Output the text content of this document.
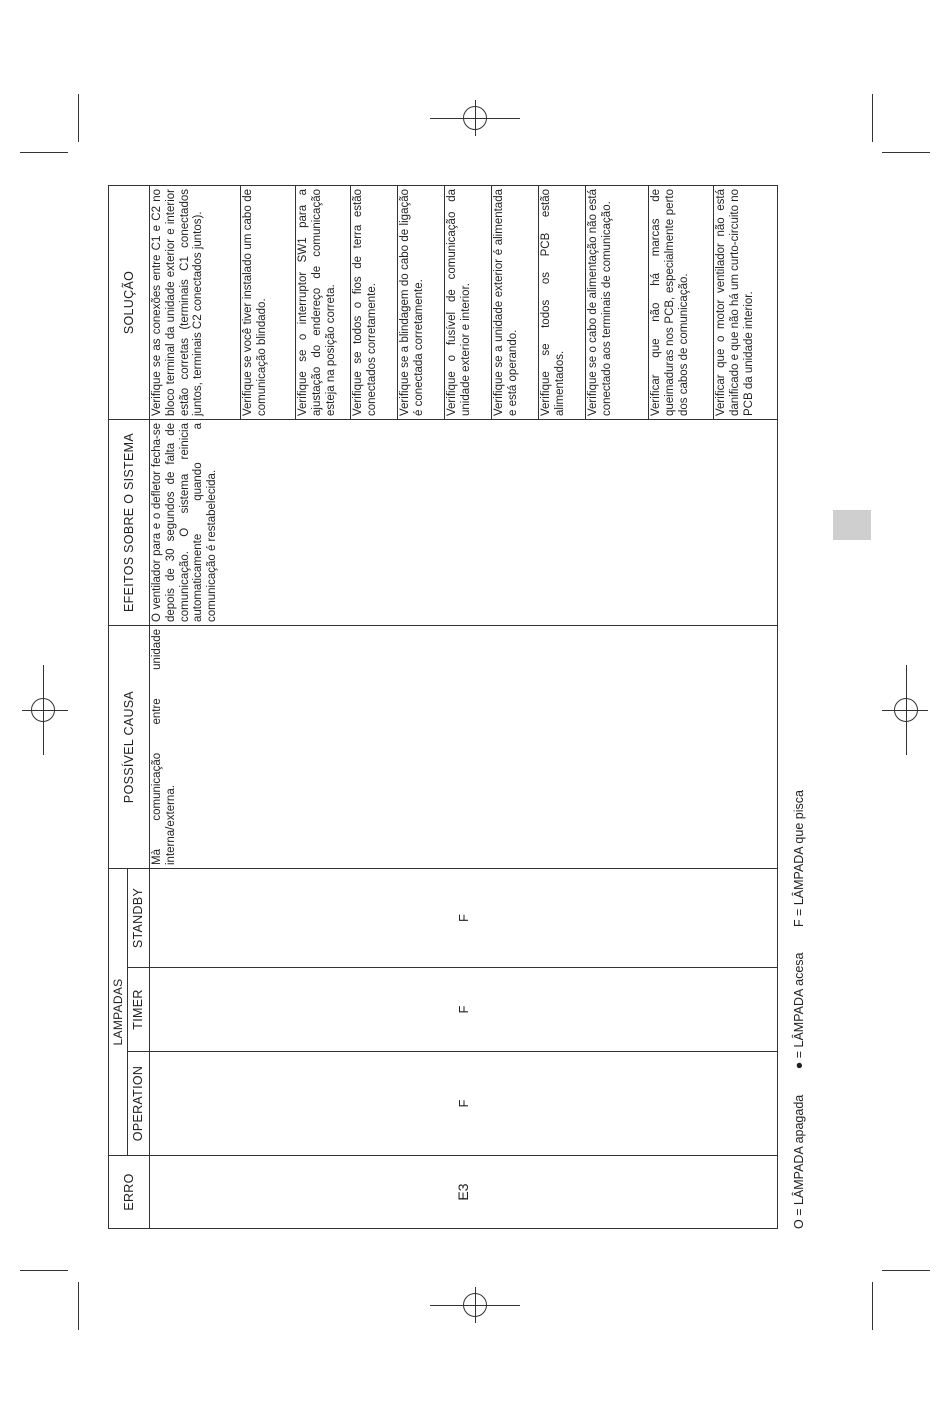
ERRO	LAMPADAS			POSSÍVEL CAUSA	EFEITOS SOBRE O SISTEMA	SOLUÇÃO
	OPERATION	TIMER	STANDBY			
E3	F	F	F	Mà comunicação entre unidade interna/externa.	O ventilador para e o defletor fecha-se depois de 30 segundos de falta de comunicação. O sistema reinicia automaticamente quando a comunicação é restabelecida.	Verifique se as conexões entre C1 e C2 no bloco terminal da unidade exterior e interior estão corretas (terminais C1 conectados juntos, terminais C2 conectados juntos).
						Verifique se você tiver instalado um cabo de comunicação blindado.
						Verifique se o interruptor SW1 para a ajustação do endereço de comunicação esteja na posição correta.
						Verifique se todos o fios de terra estão conectados corretamente.
						Verifique se a blindagem do cabo de ligação é conectada corretamente.
						Verifique o fusível de comunicação da unidade exterior e interior.
						Verifique se a unidade exterior é alimentada e está operando.
						Verifique se todos os PCB estão alimentados.
						Verifique se o cabo de alimentação não está conectado aos terminais de comunicação.
						Verificar que não há marcas de queimaduras nos PCB, especialmente perto dos cabos de comunicação.
						Verificar que o motor ventilador não está danificado e que não há um curto-circuito no PCB da unidade interior.
O = LÂMPADA apagada ● = LÂMPADA acesa F = LÂMPADA que pisca
